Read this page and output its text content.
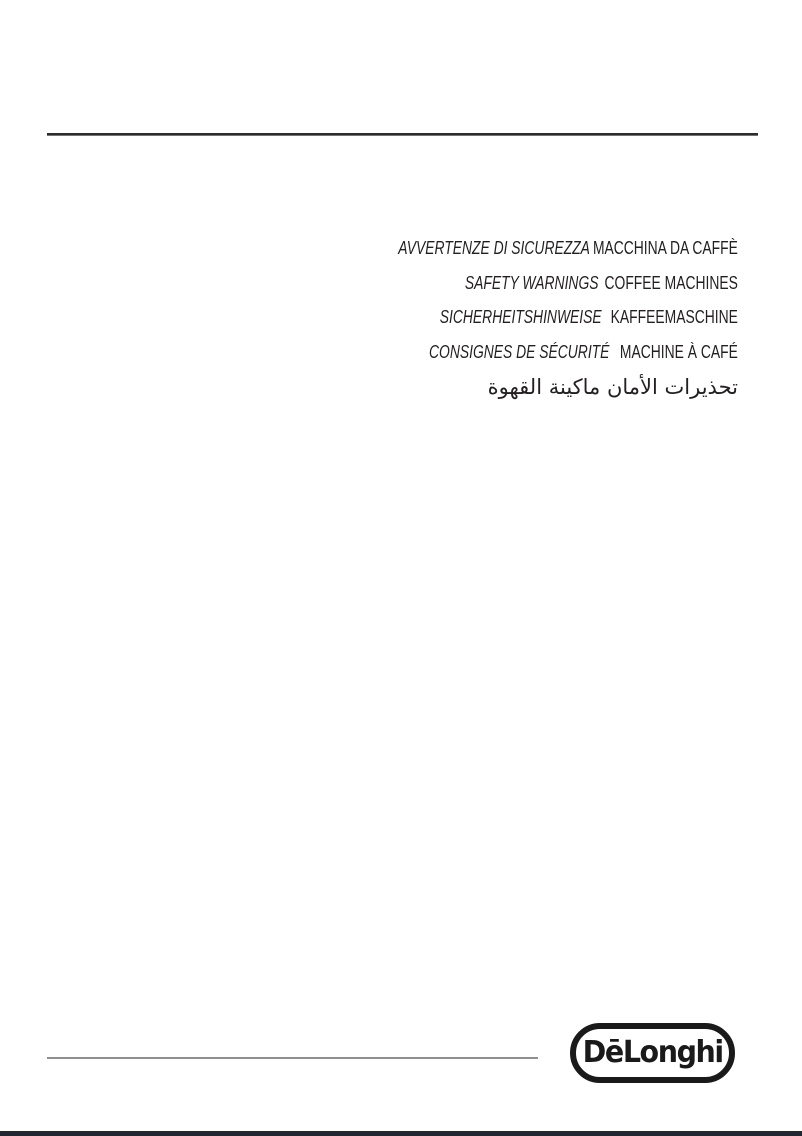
AVVERTENZE DI SICUREZZA MACCHINA DA CAFFÈ
SAFETY WARNINGS COFFEE MACHINES
SICHERHEITSHINWEISE KAFFEEMASCHINE
CONSIGNES DE SÉCURITÉ MACHINE À CAFÉ
تحذيرات الأمان ماكينة القهوة
DēLonghi
